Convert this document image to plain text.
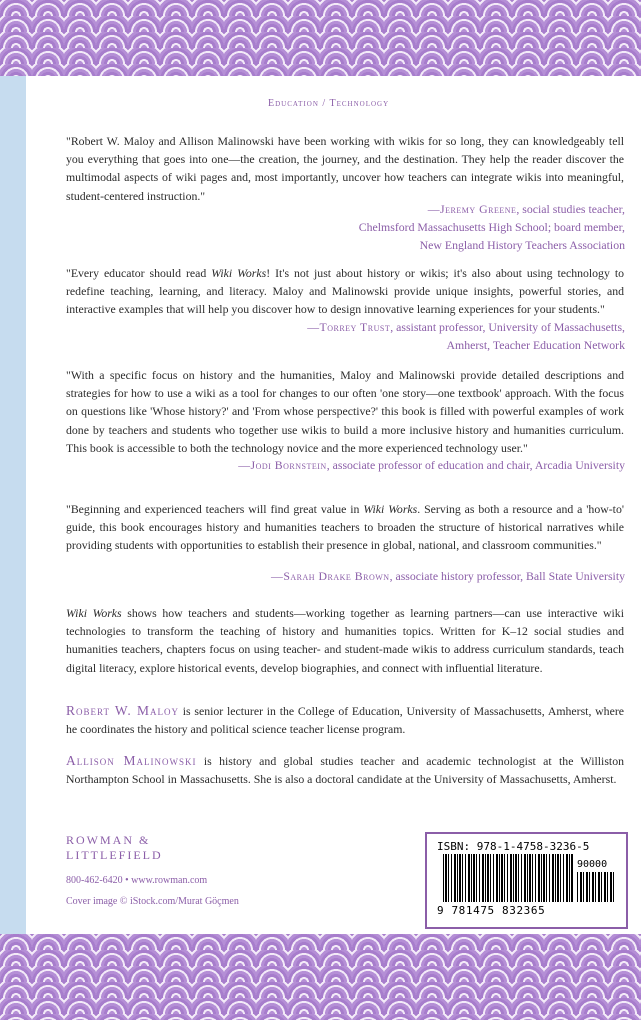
Education / Technology
"Robert W. Maloy and Allison Malinowski have been working with wikis for so long, they can knowledgeably tell you everything that goes into one—the creation, the journey, and the destination. They help the reader discover the multimodal aspects of wiki pages and, most importantly, uncover how teachers can integrate wikis into meaningful, student-centered instruction."
—Jeremy Greene, social studies teacher,
Chelmsford Massachusetts High School; board member,
New England History Teachers Association
"Every educator should read Wiki Works! It's not just about history or wikis; it's also about using technology to redefine teaching, learning, and literacy. Maloy and Malinowski provide unique insights, powerful stories, and interactive examples that will help you discover how to design innovative learning experiences for your students."
—Torrey Trust, assistant professor, University of Massachusetts,
Amherst, Teacher Education Network
"With a specific focus on history and the humanities, Maloy and Malinowski provide detailed descriptions and strategies for how to use a wiki as a tool for changes to our often 'one story—one textbook' approach. With the focus on questions like 'Whose history?' and 'From whose perspective?' this book is filled with powerful examples of work done by teachers and students who together use wikis to build a more inclusive history and humanities curriculum. This book is accessible to both the technology novice and the more experienced technology user."
—Jodi Bornstein, associate professor of education and chair, Arcadia University
"Beginning and experienced teachers will find great value in Wiki Works. Serving as both a resource and a 'how-to' guide, this book encourages history and humanities teachers to broaden the structure of historical narratives while providing students with opportunities to establish their presence in global, national, and classroom communities."
—Sarah Drake Brown, associate history professor, Ball State University
Wiki Works shows how teachers and students—working together as learning partners—can use interactive wiki technologies to transform the teaching of history and humanities topics. Written for K–12 social studies and humanities teachers, chapters focus on using teacher- and student-made wikis to address curriculum standards, teach digital literacy, explore historical events, develop biographies, and connect with influential literature.
Robert W. Maloy is senior lecturer in the College of Education, University of Massachusetts, Amherst, where he coordinates the history and political science teacher license program.
Allison Malinowski is history and global studies teacher and academic technologist at the Williston Northampton School in Massachusetts. She is also a doctoral candidate at the University of Massachusetts, Amherst.
ROWMAN &
LITTLEFIELD
800-462-6420 • www.rowman.com
Cover image © iStock.com/Murat Göçmen
ISBN: 978-1-4758-3236-5
90000
9 781475 832365
